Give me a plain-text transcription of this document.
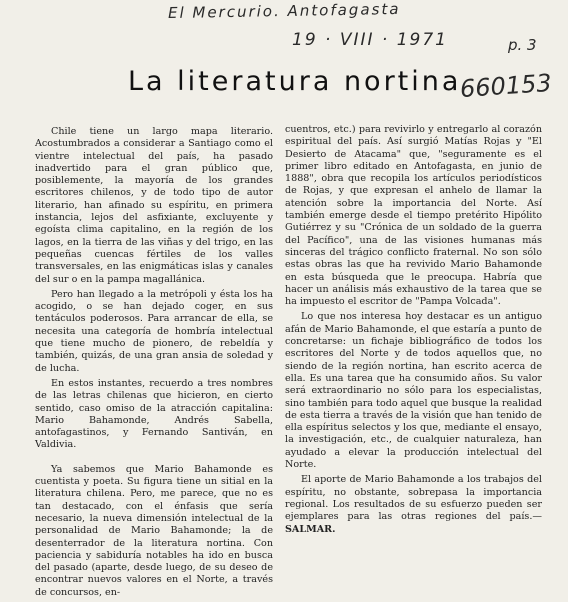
El Mercurio. Antofagasta
19 · VIII · 1971	p. 3
660153
La literatura nortina

Chile tiene un largo mapa literario. Acostumbrados a considerar a Santiago como el vientre intelectual del país, ha pasado inadvertido para el gran público que, posiblemente, la mayoría de los grandes escritores chilenos, y de todo tipo de autor literario, han afinado su espíritu, en primera instancia, lejos del asfixiante, excluyente y egoísta clima capitalino, en la región de los lagos, en la tierra de las viñas y del trigo, en las pequeñas cuencas fértiles de los valles transversales, en las enigmáticas islas y canales del sur o en la pampa magallánica.

Pero han llegado a la metrópoli y ésta los ha acogido, o se han dejado coger, en sus tentáculos poderosos. Para arrancar de ella, se necesita una categoría de hombría intelectual que tiene mucho de pionero, de rebeldía y también, quizás, de una gran ansia de soledad y de lucha.

En estos instantes, recuerdo a tres nombres de las letras chilenas que hicieron, en cierto sentido, caso omiso de la atracción capitalina: Mario Bahamonde, Andrés Sabella, antofagastinos, y Fernando Santiván, en Valdivia.

Ya sabemos que Mario Bahamonde es cuentista y poeta. Su figura tiene un sitial en la literatura chilena. Pero, me parece, que no es tan destacado, con el énfasis que sería necesario, la nueva dimensión intelectual de la personalidad de Mario Bahamonde; la de desenterrador de la literatura nortina. Con paciencia y sabiduría notables ha ido en busca del pasado (aparte, desde luego, de su deseo de encontrar nuevos valores en el Norte, a través de concursos, en-

cuentros, etc.) para revivirlo y entregarlo al corazón espiritual del país. Así surgió Matías Rojas y "El Desierto de Atacama" que, "seguramente es el primer libro editado en Antofagasta, en junio de 1888", obra que recopila los artículos periodísticos de Rojas, y que expresan el anhelo de llamar la atención sobre la importancia del Norte. Así también emerge desde el tiempo pretérito Hipólito Gutiérrez y su "Crónica de un soldado de la guerra del Pacífico", una de las visiones humanas más sinceras del trágico conflicto fraternal. No son sólo estas obras las que ha revivido Mario Bahamonde en esta búsqueda que le preocupa. Habría que hacer un análisis más exhaustivo de la tarea que se ha impuesto el escritor de "Pampa Volcada".

Lo que nos interesa hoy destacar es un antiguo afán de Mario Bahamonde, el que estaría a punto de concretarse: un fichaje bibliográfico de todos los escritores del Norte y de todos aquellos que, no siendo de la región nortina, han escrito acerca de ella. Es una tarea que ha consumido años. Su valor será extraordinario no sólo para los especialistas, sino también para todo aquel que busque la realidad de esta tierra a través de la visión que han tenido de ella espíritus selectos y los que, mediante el ensayo, la investigación, etc., de cualquier naturaleza, han ayudado a elevar la producción intelectual del Norte.

El aporte de Mario Bahamonde a los trabajos del espíritu, no obstante, sobrepasa la importancia regional. Los resultados de su esfuerzo pueden ser ejemplares para las otras regiones del país.—SALMAR.
